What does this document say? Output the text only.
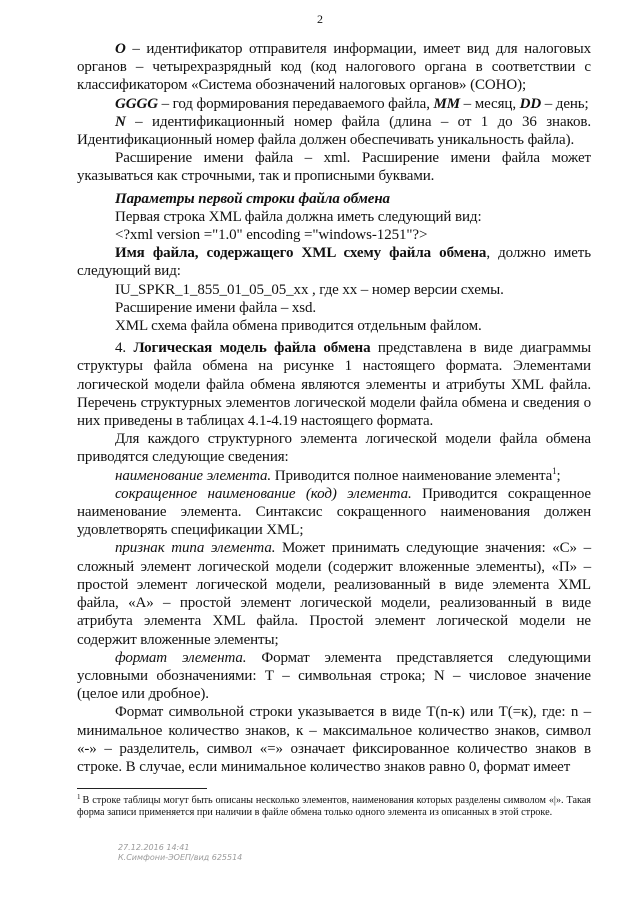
2

O – идентификатор отправителя информации, имеет вид для налоговых органов – четырехразрядный код (код налогового органа в соответствии с классификатором «Система обозначений налоговых органов» (СОНО);

GGGG – год формирования передаваемого файла, MM – месяц, DD – день;

N – идентификационный номер файла (длина – от 1 до 36 знаков. Идентификационный номер файла должен обеспечивать уникальность файла).

Расширение имени файла – xml. Расширение имени файла может указываться как строчными, так и прописными буквами.

Параметры первой строки файла обмена

Первая строка XML файла должна иметь следующий вид:

<?xml version ="1.0" encoding ="windows-1251"?>

Имя файла, содержащего XML схему файла обмена, должно иметь следующий вид:

IU_SPKR_1_855_01_05_05_xx , где хх – номер версии схемы.

Расширение имени файла – xsd.

XML схема файла обмена приводится отдельным файлом.

4. Логическая модель файла обмена представлена в виде диаграммы структуры файла обмена на рисунке 1 настоящего формата. Элементами логической модели файла обмена являются элементы и атрибуты XML файла. Перечень структурных элементов логической модели файла обмена и сведения о них приведены в таблицах 4.1-4.19 настоящего формата.

Для каждого структурного элемента логической модели файла обмена приводятся следующие сведения:

наименование элемента. Приводится полное наименование элемента$^1$;

сокращенное наименование (код) элемента. Приводится сокращенное наименование элемента. Синтаксис сокращенного наименования должен удовлетворять спецификации XML;

признак типа элемента. Может принимать следующие значения: «С» – сложный элемент логической модели (содержит вложенные элементы), «П» – простой элемент логической модели, реализованный в виде элемента XML файла, «А» – простой элемент логической модели, реализованный в виде атрибута элемента XML файла. Простой элемент логической модели не содержит вложенные элементы;

формат элемента. Формат элемента представляется следующими условными обозначениями: Т – символьная строка; N – числовое значение (целое или дробное).

Формат символьной строки указывается в виде Т(n-к) или Т(=к), где: n – минимальное количество знаков, к – максимальное количество знаков, символ «-» – разделитель, символ «=» означает фиксированное количество знаков в строке. В случае, если минимальное количество знаков равно 0, формат имеет

$^1$ В строке таблицы могут быть описаны несколько элементов, наименования которых разделены символом «|». Такая форма записи применяется при наличии в файле обмена только одного элемента из описанных в этой строке.
27.12.2016 14:41
К.Симфони-ЭОЕП/вид 625514
